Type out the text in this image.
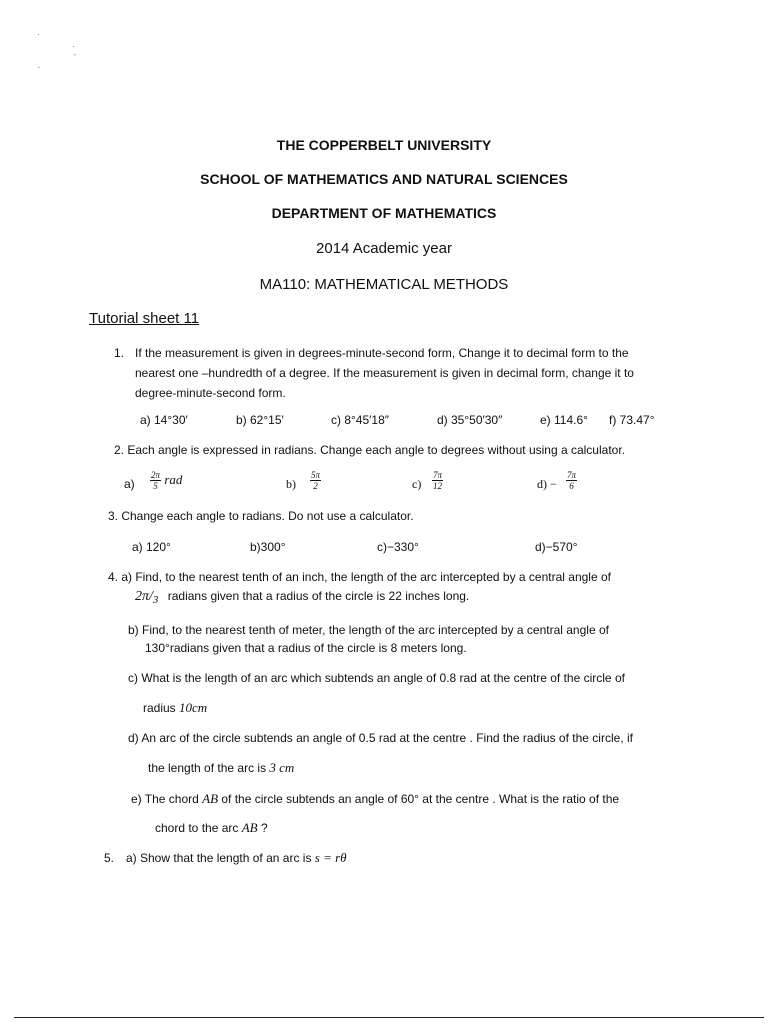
·
·
ʼ
ʼ
THE COPPERBELT UNIVERSITY
SCHOOL OF MATHEMATICS AND NATURAL SCIENCES
DEPARTMENT OF MATHEMATICS
2014 Academic year
MA110: MATHEMATICAL METHODS
Tutorial sheet 11
1. If the measurement is given in degrees-minute-second form, Change it to decimal form to the
nearest one –hundredth of a degree. If the measurement is given in decimal form, change it to
degree-minute-second form.
a) 14°30′	b) 62°15′	c) 8°45′18″	d) 35°50′30″	e) 114.6° f) 73.47°
2. Each angle is expressed in radians. Change each angle to degrees without using a calculator.
$a) \frac{2\pi}{5}$ rad	$b) \frac{5\pi}{2}$	$c) \frac{7\pi}{12}$	$d) - \frac{7\pi}{6}$
3. Change each angle to radians. Do not use a calculator.
a) 120°	b)300°	c)−330°	d)−570°
4. a) Find, to the nearest tenth of an inch, the length of the arc intercepted by a central angle of
2π/3 radians given that a radius of the circle is 22 inches long.
b) Find, to the nearest tenth of meter, the length of the arc intercepted by a central angle of
130°radians given that a radius of the circle is 8 meters long.
c) What is the length of an arc which subtends an angle of 0.8 rad at the centre of the circle of
radius 10cm
d) An arc of the circle subtends an angle of 0.5 rad at the centre . Find the radius of the circle, if
the length of the arc is 3 cm
e) The chord AB of the circle subtends an angle of 60° at the centre . What is the ratio of the
chord to the arc AB ?
5. a) Show that the length of an arc is s = rθ
